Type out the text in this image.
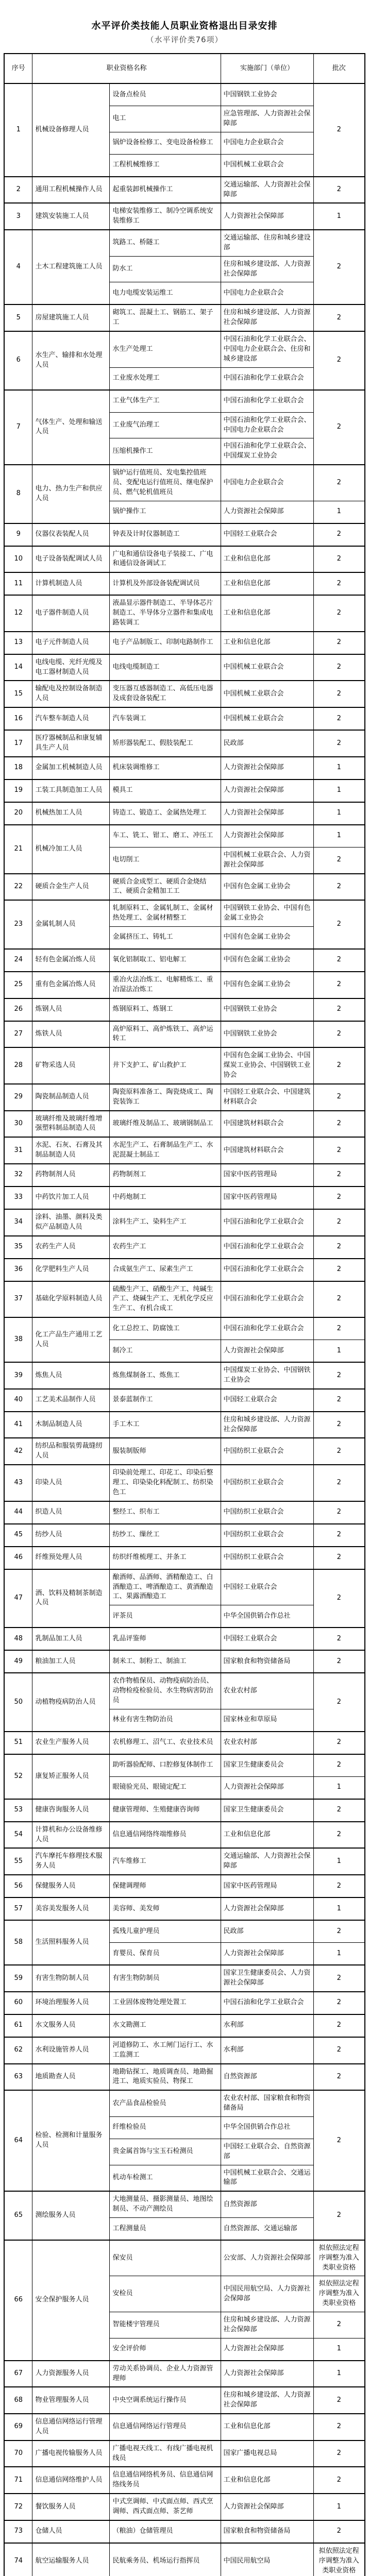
水平评价类技能人员职业资格退出目录安排
（水平评价类76项）
序号	职业资格名称		实施部门（单位）	批次
1	机械设备修理人员	设备点检员	中国钢铁工业协会	2
		电工	应急管理部、人力资源社会保障部	
		锅炉设备检修工、变电设备检修工	中国电力企业联合会	
		工程机械维修工	中国机械工业联合会	
2	通用工程机械操作人员	起重装卸机械操作工	交通运输部、人力资源社会保障部	2
3	建筑安装施工人员	电梯安装维修工、制冷空调系统安装维修工	人力资源社会保障部	1
4	土木工程建筑施工人员	筑路工、桥隧工	交通运输部、住房和城乡建设部	2
		防水工	住房和城乡建设部、人力资源社会保障部	
		电力电缆安装运维工	中国电力企业联合会	
5	房屋建筑施工人员	砌筑工、混凝土工、钢筋工、架子工	住房和城乡建设部、人力资源社会保障部	2
6	水生产、输排和水处理人员	水生产处理工	中国石油和化学工业联合会、中国电力企业联合会、住房和城乡建设部	2
		工业废水处理工	中国石油和化学工业联合会	
7	气体生产、处理和输送人员	工业气体生产工	中国石油和化学工业联合会	2
		工业废气治理工	中国石油和化学工业联合会、中国电力企业联合会	
		压缩机操作工	中国石油和化学工业联合会、中国煤炭工业协会	
8	电力、热力生产和供应人员	锅炉运行值班员、发电集控值班员、变配电运行值班员、继电保护员、燃气轮机值班员	中国电力企业联合会	2
		锅炉操作工	人力资源社会保障部	1
9	仪器仪表装配人员	钟表及计时仪器制造工	中国轻工业联合会	2
10	电子设备装配调试人员	广电和通信设备电子装接工、广电和通信设备调试工	工业和信息化部	2
11	计算机制造人员	计算机及外部设备装配调试员	工业和信息化部	2
12	电子器件制造人员	液晶显示器件制造工、半导体芯片制造工、半导体分立器件和集成电路装调工	工业和信息化部	2
13	电子元件制造人员	电子产品制版工、印制电路制作工	工业和信息化部	2
14	电线电缆、光纤光缆及电工器材制造人员	电线电缆制造工	中国机械工业联合会	2
15	输配电及控制设备制造人员	变压器互感器制造工、高低压电器及成套设备装配工	中国机械工业联合会	2
16	汽车整车制造人员	汽车装调工	中国机械工业联合会	2
17	医疗器械制品和康复辅具生产人员	矫形器装配工、假肢装配工	民政部	2
18	金属加工机械制造人员	机床装调维修工	人力资源社会保障部	1
19	工装工具制造加工人员	模具工	人力资源社会保障部	1
20	机械热加工人员	铸造工、锻造工、金属热处理工	人力资源社会保障部	1
21	机械冷加工人员	车工、铣工、钳工、磨工、冲压工	人力资源社会保障部	1
		电切削工	中国机械工业联合会、人力资源社会保障部	2
22	硬质合金生产人员	硬质合金成型工、硬质合金烧结工、硬质合金精加工工	中国有色金属工业协会	2
23	金属轧制人员	轧制原料工、金属轧制工、金属材热处理工、金属材精整工	中国钢铁工业协会、中国有色金属工业协会	2
		金属挤压工、铸轧工	中国有色金属工业协会	
24	轻有色金属冶炼人员	氧化铝制取工、铝电解工	中国有色金属工业协会	2
25	重有色金属冶炼人员	重冶火法冶炼工、电解精炼工、重冶湿法冶炼工	中国有色金属工业协会	2
26	炼钢人员	炼钢原料工、炼钢工	中国钢铁工业协会	2
27	炼铁人员	高炉原料工、高炉炼铁工、高炉运转工	中国钢铁工业协会	2
28	矿物采选人员	井下支护工、矿山救护工	中国有色金属工业协会、中国煤炭工业协会、中国钢铁工业协会	2
29	陶瓷制品制造人员	陶瓷原料准备工、陶瓷烧成工、陶瓷装饰工	中国轻工业联合会、中国建筑材料联合会	2
30	玻璃纤维及玻璃纤维增强塑料制品制造人员	玻璃纤维及制品工、玻璃钢制品工	中国建筑材料联合会	2
31	水泥、石灰、石膏及其制品制造人员	水泥生产工、石膏制品生产工、水泥混凝土制品工	中国建筑材料联合会	2
32	药物制剂人员	药物制剂工	国家中医药管理局	2
33	中药饮片加工人员	中药炮制工	国家中医药管理局	2
34	涂料、油墨、颜料及类似产品制造人员	涂料生产工、染料生产工	中国石油和化学工业联合会	2
35	农药生产人员	农药生产工	中国石油和化学工业联合会	2
36	化学肥料生产人员	合成氨生产工、尿素生产工	中国石油和化学工业联合会	2
37	基础化学原料制造人员	硫酸生产工、硝酸生产工、纯碱生产工、烧碱生产工、无机化学反应生产工、有机合成工	中国石油和化学工业联合会	2
38	化工产品生产通用工艺人员	化工总控工、防腐蚀工	中国石油和化学工业联合会	2
		制冷工	人力资源社会保障部	1
39	炼焦人员	炼焦煤制备工、炼焦工	中国煤炭工业协会、中国钢铁工业协会	2
40	工艺美术品制作人员	景泰蓝制作工	中国轻工业联合会	2
41	木制品制造人员	手工木工	住房和城乡建设部、人力资源社会保障部	2
42	纺织品和服装剪裁缝纫人员	服装制版师	中国纺织工业联合会	2
43	印染人员	印染前处理工、印花工、印染后整理工、印染染化料配制工、纺织染色工	中国纺织工业联合会	2
44	织造人员	整经工、织布工	中国纺织工业联合会	2
45	纺纱人员	纺纱工、缫丝工	中国纺织工业联合会	2
46	纤维预处理人员	纺织纤维梳理工、并条工	中国纺织工业联合会	2
47	酒、饮料及精制茶制造人员	酿酒师、品酒师、酒精酿造工、白酒酿造工、啤酒酿造工、黄酒酿造工、果露酒酿造工	中国轻工业联合会	2
		评茶员	中华全国供销合作总社	
48	乳制品加工人员	乳品评鉴师	中国轻工业联合会	2
49	粮油加工人员	制米工、制粉工、制油工	国家粮食和物资储备局	2
50	动植物疫病防治人员	农作物植保员、动物疫病防治员、动物检疫检验员、水生物病害防治员	农业农村部	2
		林业有害生物防治员	国家林业和草原局	
51	农业生产服务人员	农机修理工、沼气工、农业技术员	农业农村部	2
52	康复矫正服务人员	助听器验配师、口腔修复体制作工	国家卫生健康委员会	2
		眼镜验光员、眼镜定配工	人力资源社会保障部	1
53	健康咨询服务人员	健康管理师、生殖健康咨询师	国家卫生健康委员会	2
54	计算机和办公设备维修人员	信息通信网络终端维修员	工业和信息化部	2
55	汽车摩托车修理技术服务人员	汽车维修工	交通运输部、人力资源社会保障部	1
56	保健服务人员	保健调理师	国家中医药管理局	2
57	美容美发服务人员	美容师、美发师	人力资源社会保障部	1
58	生活照料服务人员	孤残儿童护理员	民政部	2
		育婴员、保育员	人力资源社会保障部	1
59	有害生物防制人员	有害生物防制员	国家卫生健康委员会、人力资源社会保障部	2
60	环境治理服务人员	工业固体废物处理处置工	中国石油和化学工业联合会	2
61	水文服务人员	水文勘测工	水利部	2
62	水利设施管养人员	河道修防工、水工闸门运行工、水工监测工	水利部	2
63	地质勘查人员	地勘钻探工、地质调查员、地勘掘进工、地质实验员、物探工	自然资源部	2
64	检验、检测和计量服务人员	农产品食品检验员	农业农村部、国家粮食和物资储备局	2
		纤维检验员	中华全国供销合作总社	
		贵金属首饰与宝玉石检测员	中国轻工业联合会、自然资源部	
		机动车检测工	中国机械工业联合会、交通运输部	
65	测绘服务人员	大地测量员、摄影测量员、地图绘制员、不动产测绘员	自然资源部	2
		工程测量员	自然资源部、交通运输部	
66	安全保护服务人员	保安员	公安部、人力资源社会保障部	拟依照法定程序调整为准入类职业资格
		安检员	中国民用航空局、人力资源社会保障部	拟依照法定程序调整为准入类职业资格
		智能楼宇管理员	住房和城乡建设部、人力资源社会保障部	2
		安全评价师	人力资源社会保障部	1
67	人力资源服务人员	劳动关系协调员、企业人力资源管理师	人力资源社会保障部	1
68	物业管理服务人员	中央空调系统运行操作员	住房和城乡建设部、人力资源社会保障部	2
69	信息通信网络运行管理人员	信息通信网络运行管理员	工业和信息化部	2
70	广播电视传输服务人员	广播电视天线工、有线广播电视机线员	国家广播电视总局	2
71	信息通信网络维护人员	信息通信网络机务员、信息通信网络线务员	工业和信息化部	2
72	餐饮服务人员	中式烹调师、中式面点师、西式烹调师、西式面点师、茶艺师	人力资源社会保障部	1
73	仓储人员	（粮油）仓储管理员	国家粮食和物资储备局	2
74	航空运输服务人员	民航乘务员、机场运行指挥员	中国民用航空局	拟依照法定程序调整为准入类职业资格
